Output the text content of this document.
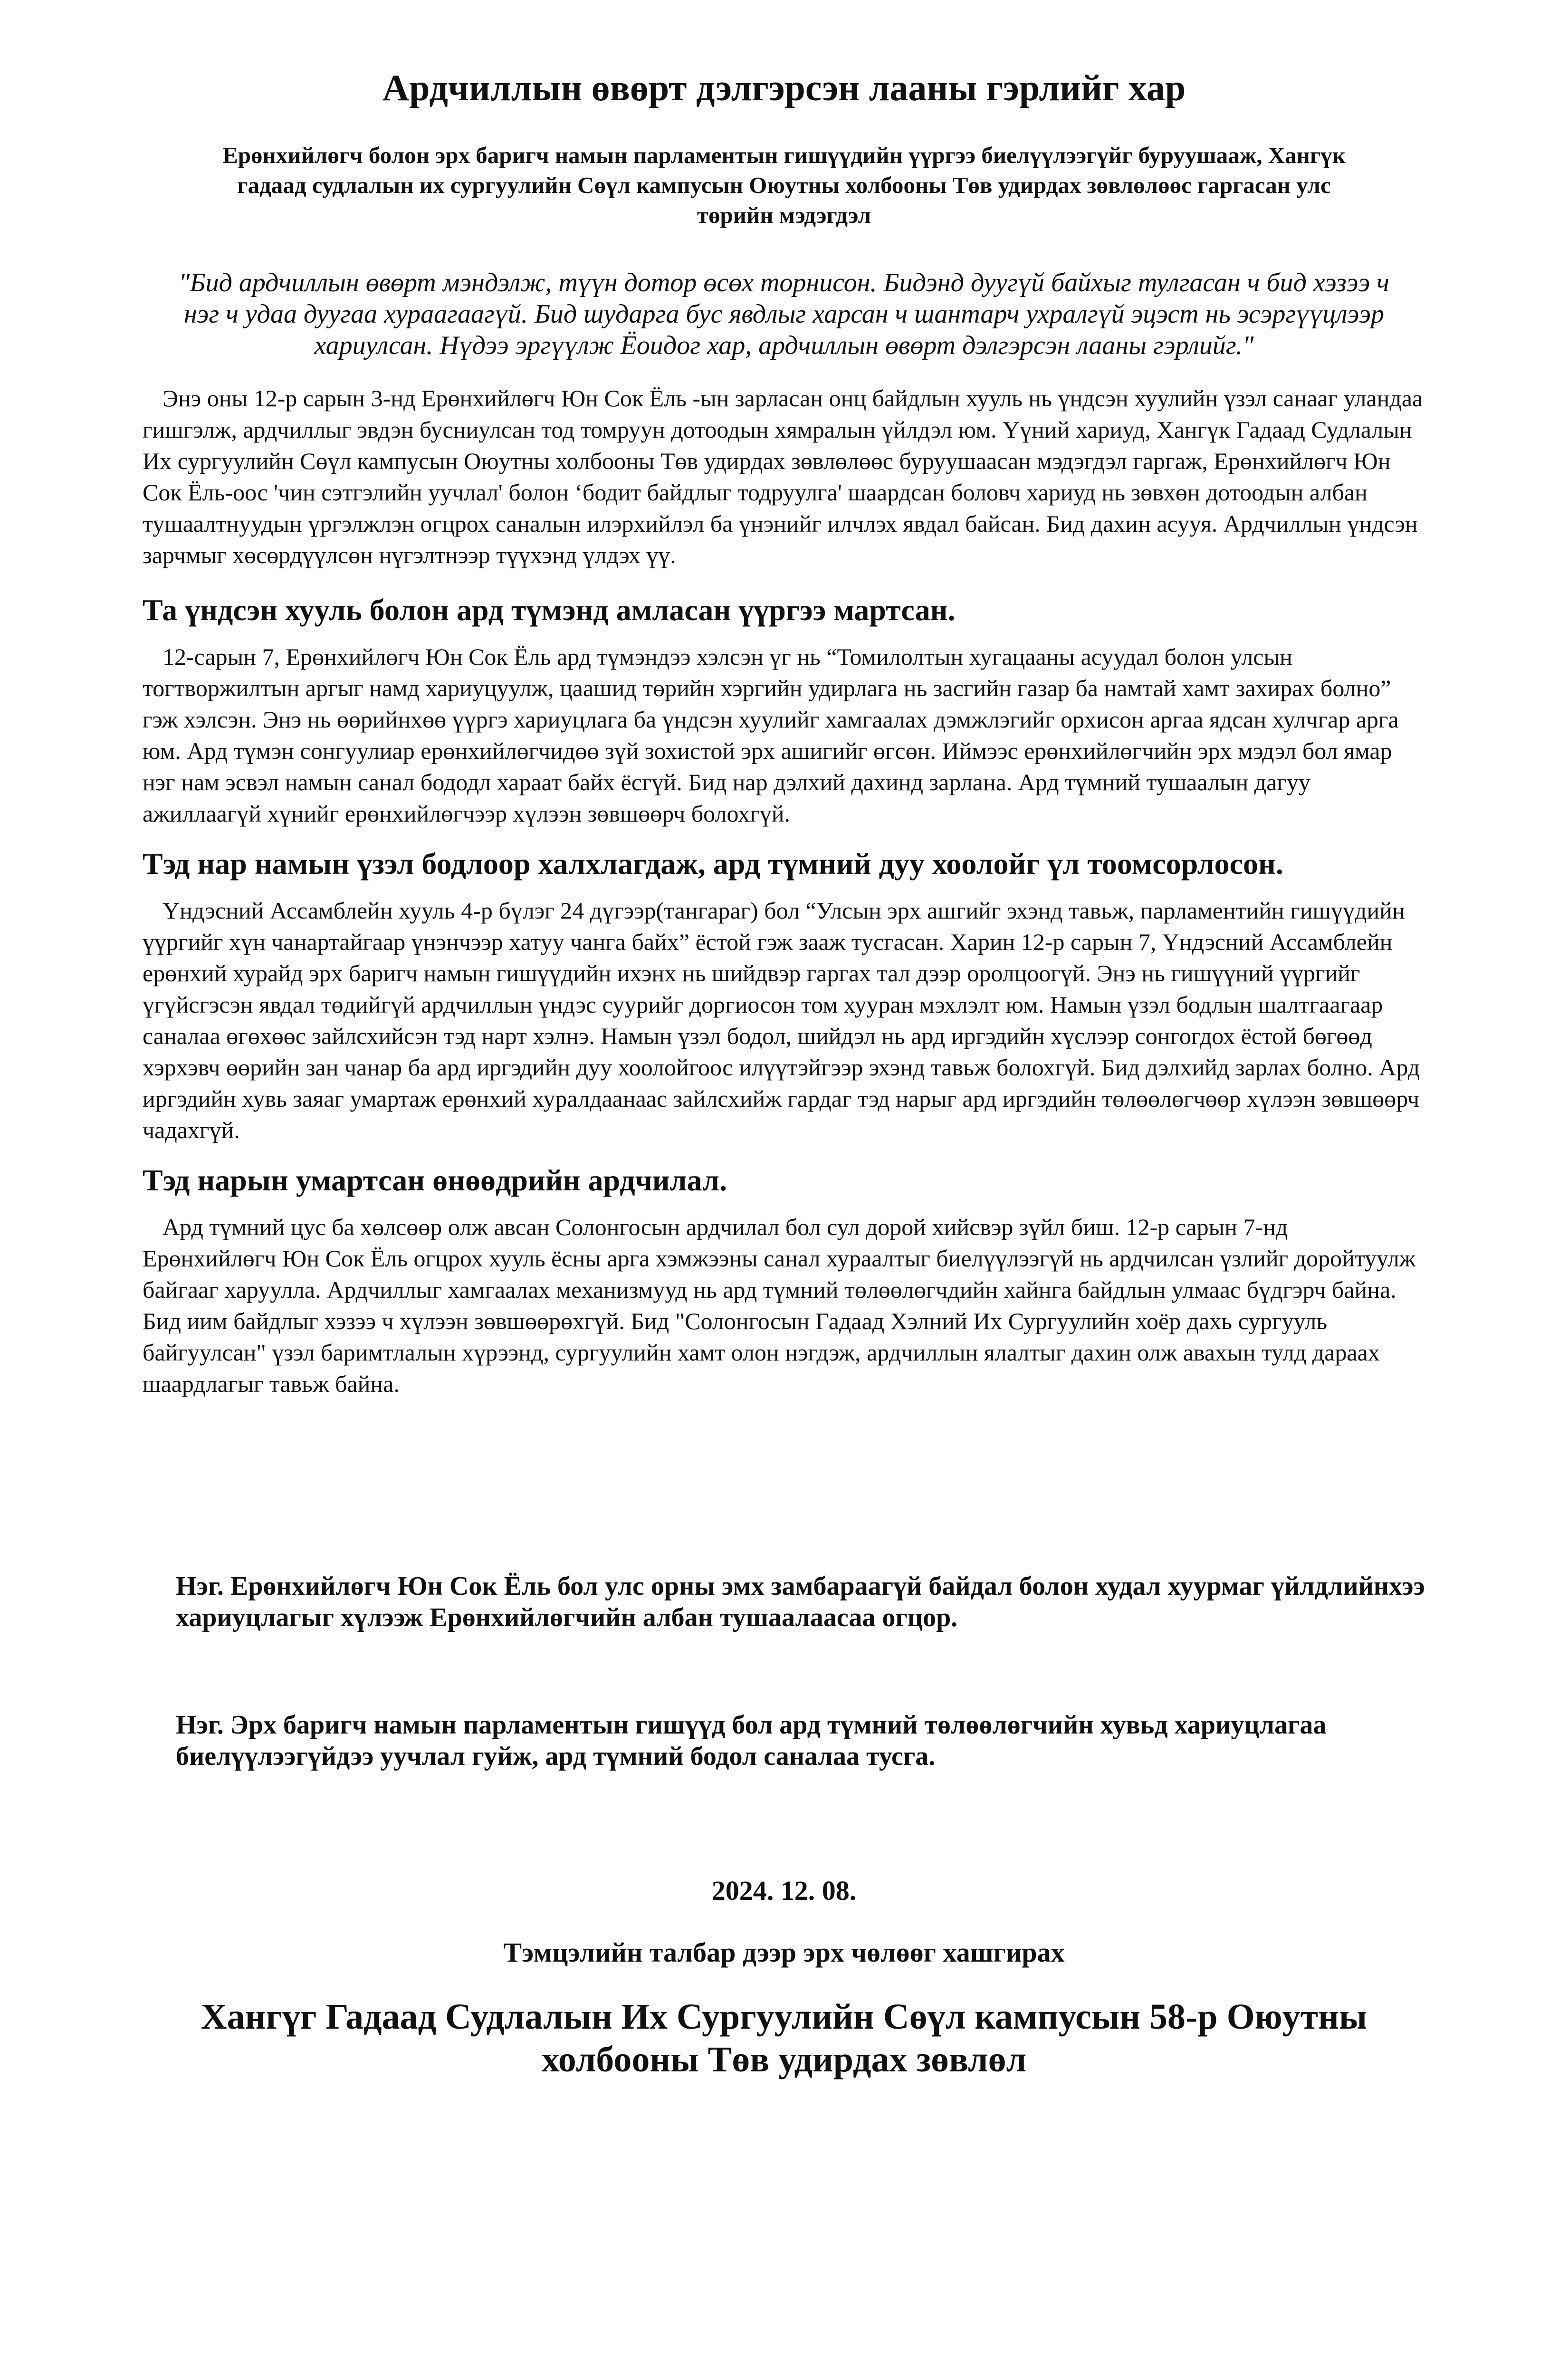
Ардчиллын өвөрт дэлгэрсэн лааны гэрлийг хар

Ерөнхийлөгч болон эрх баригч намын парламентын гишүүдийн үүргээ биелүүлээгүйг буруушааж, Хангүк гадаад судлалын их сургуулийн Сөүл кампусын Оюутны холбооны Төв удирдах зөвлөлөөс гаргасан улс төрийн мэдэгдэл

"Бид ардчиллын өвөрт мэндэлж, түүн дотор өсөх торнисон. Бидэнд дуугүй байхыг тулгасан ч бид хэзээ ч нэг ч удаа дуугаа хураагаагүй. Бид шударга бус явдлыг харсан ч шантарч ухралгүй эцэст нь эсэргүүцлээр хариулсан. Нүдээ эргүүлж Ёоидог хар, ардчиллын өвөрт дэлгэрсэн лааны гэрлийг."

Энэ оны 12-р сарын 3-нд Ерөнхийлөгч Юн Сок Ёль -ын зарласан онц байдлын хууль нь үндсэн хуулийн үзэл санааг уландаа гишгэлж, ардчиллыг эвдэн бусниулсан тод томруун дотоодын хямралын үйлдэл юм. Үүний хариуд, Хангүк Гадаад Судлалын Их сургуулийн Сөүл кампусын Оюутны холбооны Төв удирдах зөвлөлөөс буруушаасан мэдэгдэл гаргаж, Ерөнхийлөгч Юн Сок Ёль-оос 'чин сэтгэлийн уучлал' болон ‘бодит байдлыг тодруулга' шаардсан боловч хариуд нь зөвхөн дотоодын албан тушаалтнуудын үргэлжлэн огцрох саналын илэрхийлэл ба үнэнийг илчлэх явдал байсан. Бид дахин асууя. Ардчиллын үндсэн зарчмыг хөсөрдүүлсөн нүгэлтнээр түүхэнд үлдэх үү.

Та үндсэн хууль болон ард түмэнд амласан үүргээ мартсан.

12-сарын 7, Ерөнхийлөгч Юн Сок Ёль ард түмэндээ хэлсэн үг нь “Томилолтын хугацааны асуудал болон улсын тогтворжилтын аргыг намд хариуцуулж, цаашид төрийн хэргийн удирлага нь засгийн газар ба намтай хамт захирах болно” гэж хэлсэн. Энэ нь өөрийнхөө үүргэ хариуцлага ба үндсэн хуулийг хамгаалах дэмжлэгийг орхисон аргаа ядсан хулчгар арга юм. Ард түмэн сонгуулиар ерөнхийлөгчидөө зүй зохистой эрх ашигийг өгсөн. Иймээс ерөнхийлөгчийн эрх мэдэл бол ямар нэг нам эсвэл намын санал бододл хараат байх ёсгүй. Бид нар дэлхий дахинд зарлана. Ард түмний тушаалын дагуу ажиллаагүй хүнийг ерөнхийлөгчээр хүлээн зөвшөөрч болохгүй.

Тэд нар намын үзэл бодлоор халхлагдаж, ард түмний дуу хоолойг үл тоомсорлосон.

Үндэсний Ассамблейн хууль 4-р бүлэг 24 дүгээр(тангараг) бол “Улсын эрх ашгийг эхэнд тавьж, парламентийн гишүүдийн үүргийг хүн чанартайгаар үнэнчээр хатуу чанга байх” ёстой гэж зааж тусгасан. Харин 12-р сарын 7, Үндэсний Ассамблейн ерөнхий хурайд эрх баригч намын гишүүдийн ихэнх нь шийдвэр гаргах тал дээр оролцоогүй. Энэ нь гишүүний үүргийг үгүйсгэсэн явдал төдийгүй ардчиллын үндэс суурийг доргиосон том хууран мэхлэлт юм. Намын үзэл бодлын шалтгаагаар саналаа өгөхөөс зайлсхийсэн тэд нарт хэлнэ. Намын үзэл бодол, шийдэл нь ард иргэдийн хүслээр сонгогдох ёстой бөгөөд хэрхэвч өөрийн зан чанар ба ард иргэдийн дуу хоолойгоос илүүтэйгээр эхэнд тавьж болохгүй. Бид дэлхийд зарлах болно. Ард иргэдийн хувь заяаг умартаж ерөнхий хуралдаанаас зайлсхийж гардаг тэд нарыг ард иргэдийн төлөөлөгчөөр хүлээн зөвшөөрч чадахгүй.

Тэд нарын умартсан өнөөдрийн ардчилал.

Ард түмний цус ба хөлсөөр олж авсан Солонгосын ардчилал бол сул дорой хийсвэр зүйл биш. 12-р сарын 7-нд Ерөнхийлөгч Юн Сок Ёль огцрох хууль ёсны арга хэмжээны санал хураалтыг биелүүлээгүй нь ардчилсан үзлийг доройтуулж байгааг харуулла. Ардчиллыг хамгаалах механизмууд нь ард түмний төлөөлөгчдийн хайнга байдлын улмаас бүдгэрч байна. Бид иим байдлыг хэзээ ч хүлээн зөвшөөрөхгүй. Бид "Солонгосын Гадаад Хэлний Их Сургуулийн хоёр дахь сургууль байгуулсан" үзэл баримтлалын хүрээнд, сургуулийн хамт олон нэгдэж, ардчиллын ялалтыг дахин олж авахын тулд дараах шаардлагыг тавьж байна.

Нэг. Ерөнхийлөгч Юн Сок Ёль бол улс орны эмх замбараагүй байдал болон худал хуурмаг үйлдлийнхээ хариуцлагыг хүлээж Ерөнхийлөгчийн албан тушаалаасаа огцор.

Нэг. Эрх баригч намын парламентын гишүүд бол ард түмний төлөөлөгчийн хувьд хариуцлагаа биелүүлээгүйдээ уучлал гуйж, ард түмний бодол саналаа тусга.

2024. 12. 08.

Тэмцэлийн талбар дээр эрх чөлөөг хашгирах

Хангүг Гадаад Судлалын Их Сургуулийн Сөүл кампусын 58-р Оюутны холбооны Төв удирдах зөвлөл
